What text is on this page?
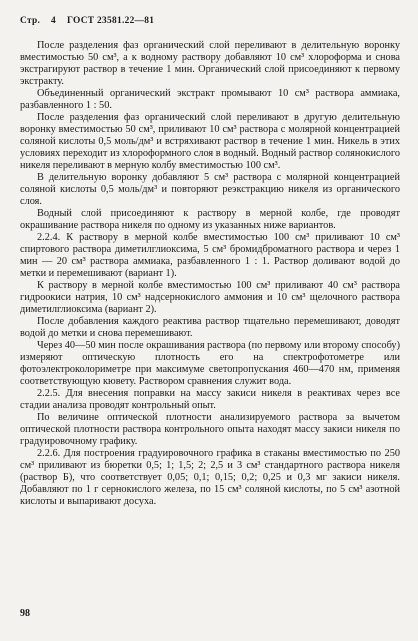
Стр. 4 ГОСТ 23581.22—81

После разделения фаз органический слой переливают в делительную воронку вместимостью 50 см³, а к водному раствору добавляют 10 см³ хлороформа и снова экстрагируют раствор в течение 1 мин. Органический слой присоединяют к первому экстракту.

Объединенный органический экстракт промывают 10 см³ раствора аммиака, разбавленного 1 : 50.

После разделения фаз органический слой переливают в другую делительную воронку вместимостью 50 см³, приливают 10 см³ раствора с молярной концентрацией соляной кислоты 0,5 моль/дм³ и встряхивают раствор в течение 1 мин. Никель в этих условиях переходит из хлороформного слоя в водный. Водный раствор солянокислого никеля переливают в мерную колбу вместимостью 100 см³.

В делительную воронку добавляют 5 см³ раствора с молярной концентрацией соляной кислоты 0,5 моль/дм³ и повторяют реэкстракцию никеля из органического слоя.

Водный слой присоединяют к раствору в мерной колбе, где проводят окрашивание раствора никеля по одному из указанных ниже вариантов.

2.2.4. К раствору в мерной колбе вместимостью 100 см³ приливают 10 см³ спиртового раствора диметилглиоксима, 5 см³ бромидброматного раствора и через 1 мин — 20 см³ раствора аммиака, разбавленного 1 : 1. Раствор доливают водой до метки и перемешивают (вариант 1).

К раствору в мерной колбе вместимостью 100 см³ приливают 40 см³ раствора гидроокиси натрия, 10 см³ надсернокислого аммония и 10 см³ щелочного раствора диметилглиоксима (вариант 2).

После добавления каждого реактива раствор тщательно перемешивают, доводят водой до метки и снова перемешивают.

Через 40—50 мин после окрашивания раствора (по первому или второму способу) измеряют оптическую плотность его на спектрофотометре или фотоэлектроколориметре при максимуме светопропускания 460—470 нм, применяя соответствующую кювету. Раствором сравнения служит вода.

2.2.5. Для внесения поправки на массу закиси никеля в реактивах через все стадии анализа проводят контрольный опыт.

По величине оптической плотности анализируемого раствора за вычетом оптической плотности раствора контрольного опыта находят массу закиси никеля по градуировочному графику.

2.2.6. Для построения градуировочного графика в стаканы вместимостью по 250 см³ приливают из бюретки 0,5; 1; 1,5; 2; 2,5 и 3 см³ стандартного раствора никеля (раствор Б), что соответствует 0,05; 0,1; 0,15; 0,2; 0,25 и 0,3 мг закиси никеля. Добавляют по 1 г сернокислого железа, по 15 см³ соляной кислоты, по 5 см³ азотной кислоты и выпаривают досуха.

98
